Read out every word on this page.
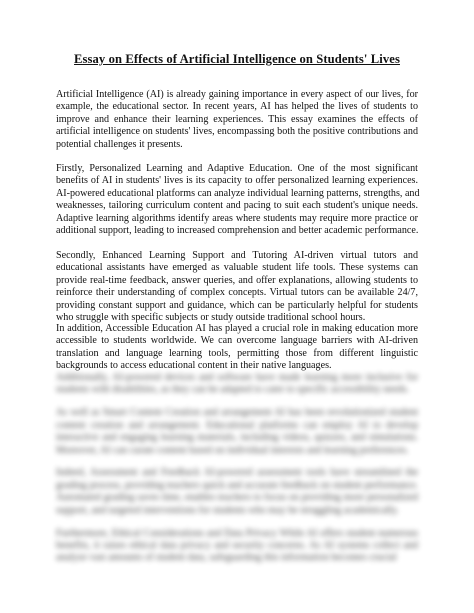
Essay on Effects of Artificial Intelligence on Students' Lives
Artificial Intelligence (AI) is already gaining importance in every aspect of our lives, for
example, the educational sector. In recent years, AI has helped the lives of students to
improve and enhance their learning experiences. This essay examines the effects of
artificial intelligence on students' lives, encompassing both the positive contributions and
potential challenges it presents.
Firstly, Personalized Learning and Adaptive Education. One of the most significant
benefits of AI in students' lives is its capacity to offer personalized learning experiences.
AI-powered educational platforms can analyze individual learning patterns, strengths, and
weaknesses, tailoring curriculum content and pacing to suit each student's unique needs.
Adaptive learning algorithms identify areas where students may require more practice or
additional support, leading to increased comprehension and better academic performance.
Secondly, Enhanced Learning Support and Tutoring AI-driven virtual tutors and
educational assistants have emerged as valuable student life tools. These systems can
provide real-time feedback, answer queries, and offer explanations, allowing students to
reinforce their understanding of complex concepts. Virtual tutors can be available 24/7,
providing constant support and guidance, which can be particularly helpful for students
who struggle with specific subjects or study outside traditional school hours.
In addition, Accessible Education AI has played a crucial role in making education more
accessible to students worldwide. We can overcome language barriers with AI-driven
translation and language learning tools, permitting those from different linguistic
backgrounds to access educational content in their native languages.
Additionally, AI-powered devices and software have made learning more inclusive for
students with disabilities, as they can be adapted to cater to specific accessibility needs.
As well as Smart Content Creation and arrangement AI has been revolutionized student
content creation and arrangement. Educational platforms can employ AI to develop
interactive and engaging learning materials, including videos, quizzes, and simulations.
Moreover, AI can curate content based on individual interests and learning preferences.
Indeed, Assessment and Feedback AI-powered assessment tools have streamlined the
grading process, providing teachers quick and accurate feedback on student performance.
Automated grading saves time, enables teachers to focus on providing more personalized
support, and targeted interventions for students who may be struggling academically.
Furthermore, Ethical Considerations and Data Privacy While AI offers student numerous
benefits, it raises ethical data privacy and security concerns. As AI systems collect and
analyze vast amounts of student data, safeguarding this information becomes crucial
